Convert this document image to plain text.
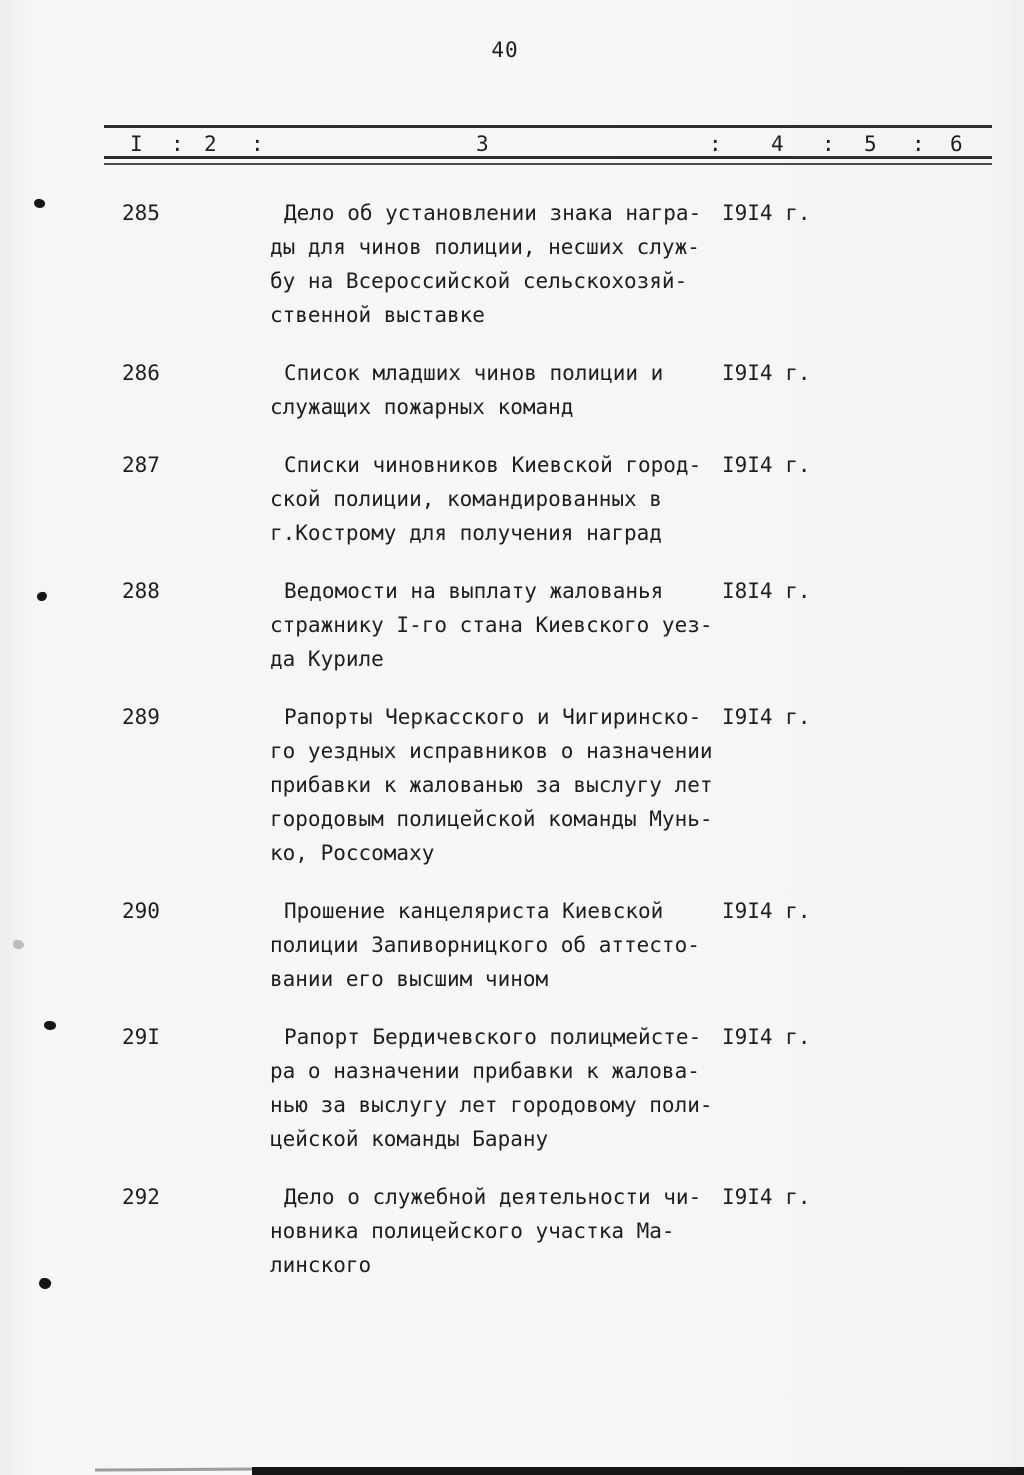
40
I : 2 :	3	: 4 : 5 : 6
285	Дело об установлении знака награ-
ды для чинов полиции, несших служ-
бу на Всероссийской сельскохозяй-
ственной выставке
I9I4 г.
286	Список младших чинов полиции и
служащих пожарных команд
I9I4 г.
287	Списки чиновников Киевской город-
ской полиции, командированных в
г.Кострому для получения наград
I9I4 г.
288	Ведомости на выплату жалованья
стражнику I-го стана Киевского уез-
да Куриле
I8I4 г.
289	Рапорты Черкасского и Чигиринско-
го уездных исправников о назначении
прибавки к жалованью за выслугу лет
городовым полицейской команды Мунь-
ко, Россомаху
I9I4 г.
290	Прошение канцеляриста Киевской
полиции Запиворницкого об аттесто-
вании его высшим чином
I9I4 г.
29I	Рапорт Бердичевского полицмейсте-
ра о назначении прибавки к жалова-
нью за выслугу лет городовому поли-
цейской команды Барану
I9I4 г.
292	Дело о служебной деятельности чи-
новника полицейского участка Ма-
линского
I9I4 г.
